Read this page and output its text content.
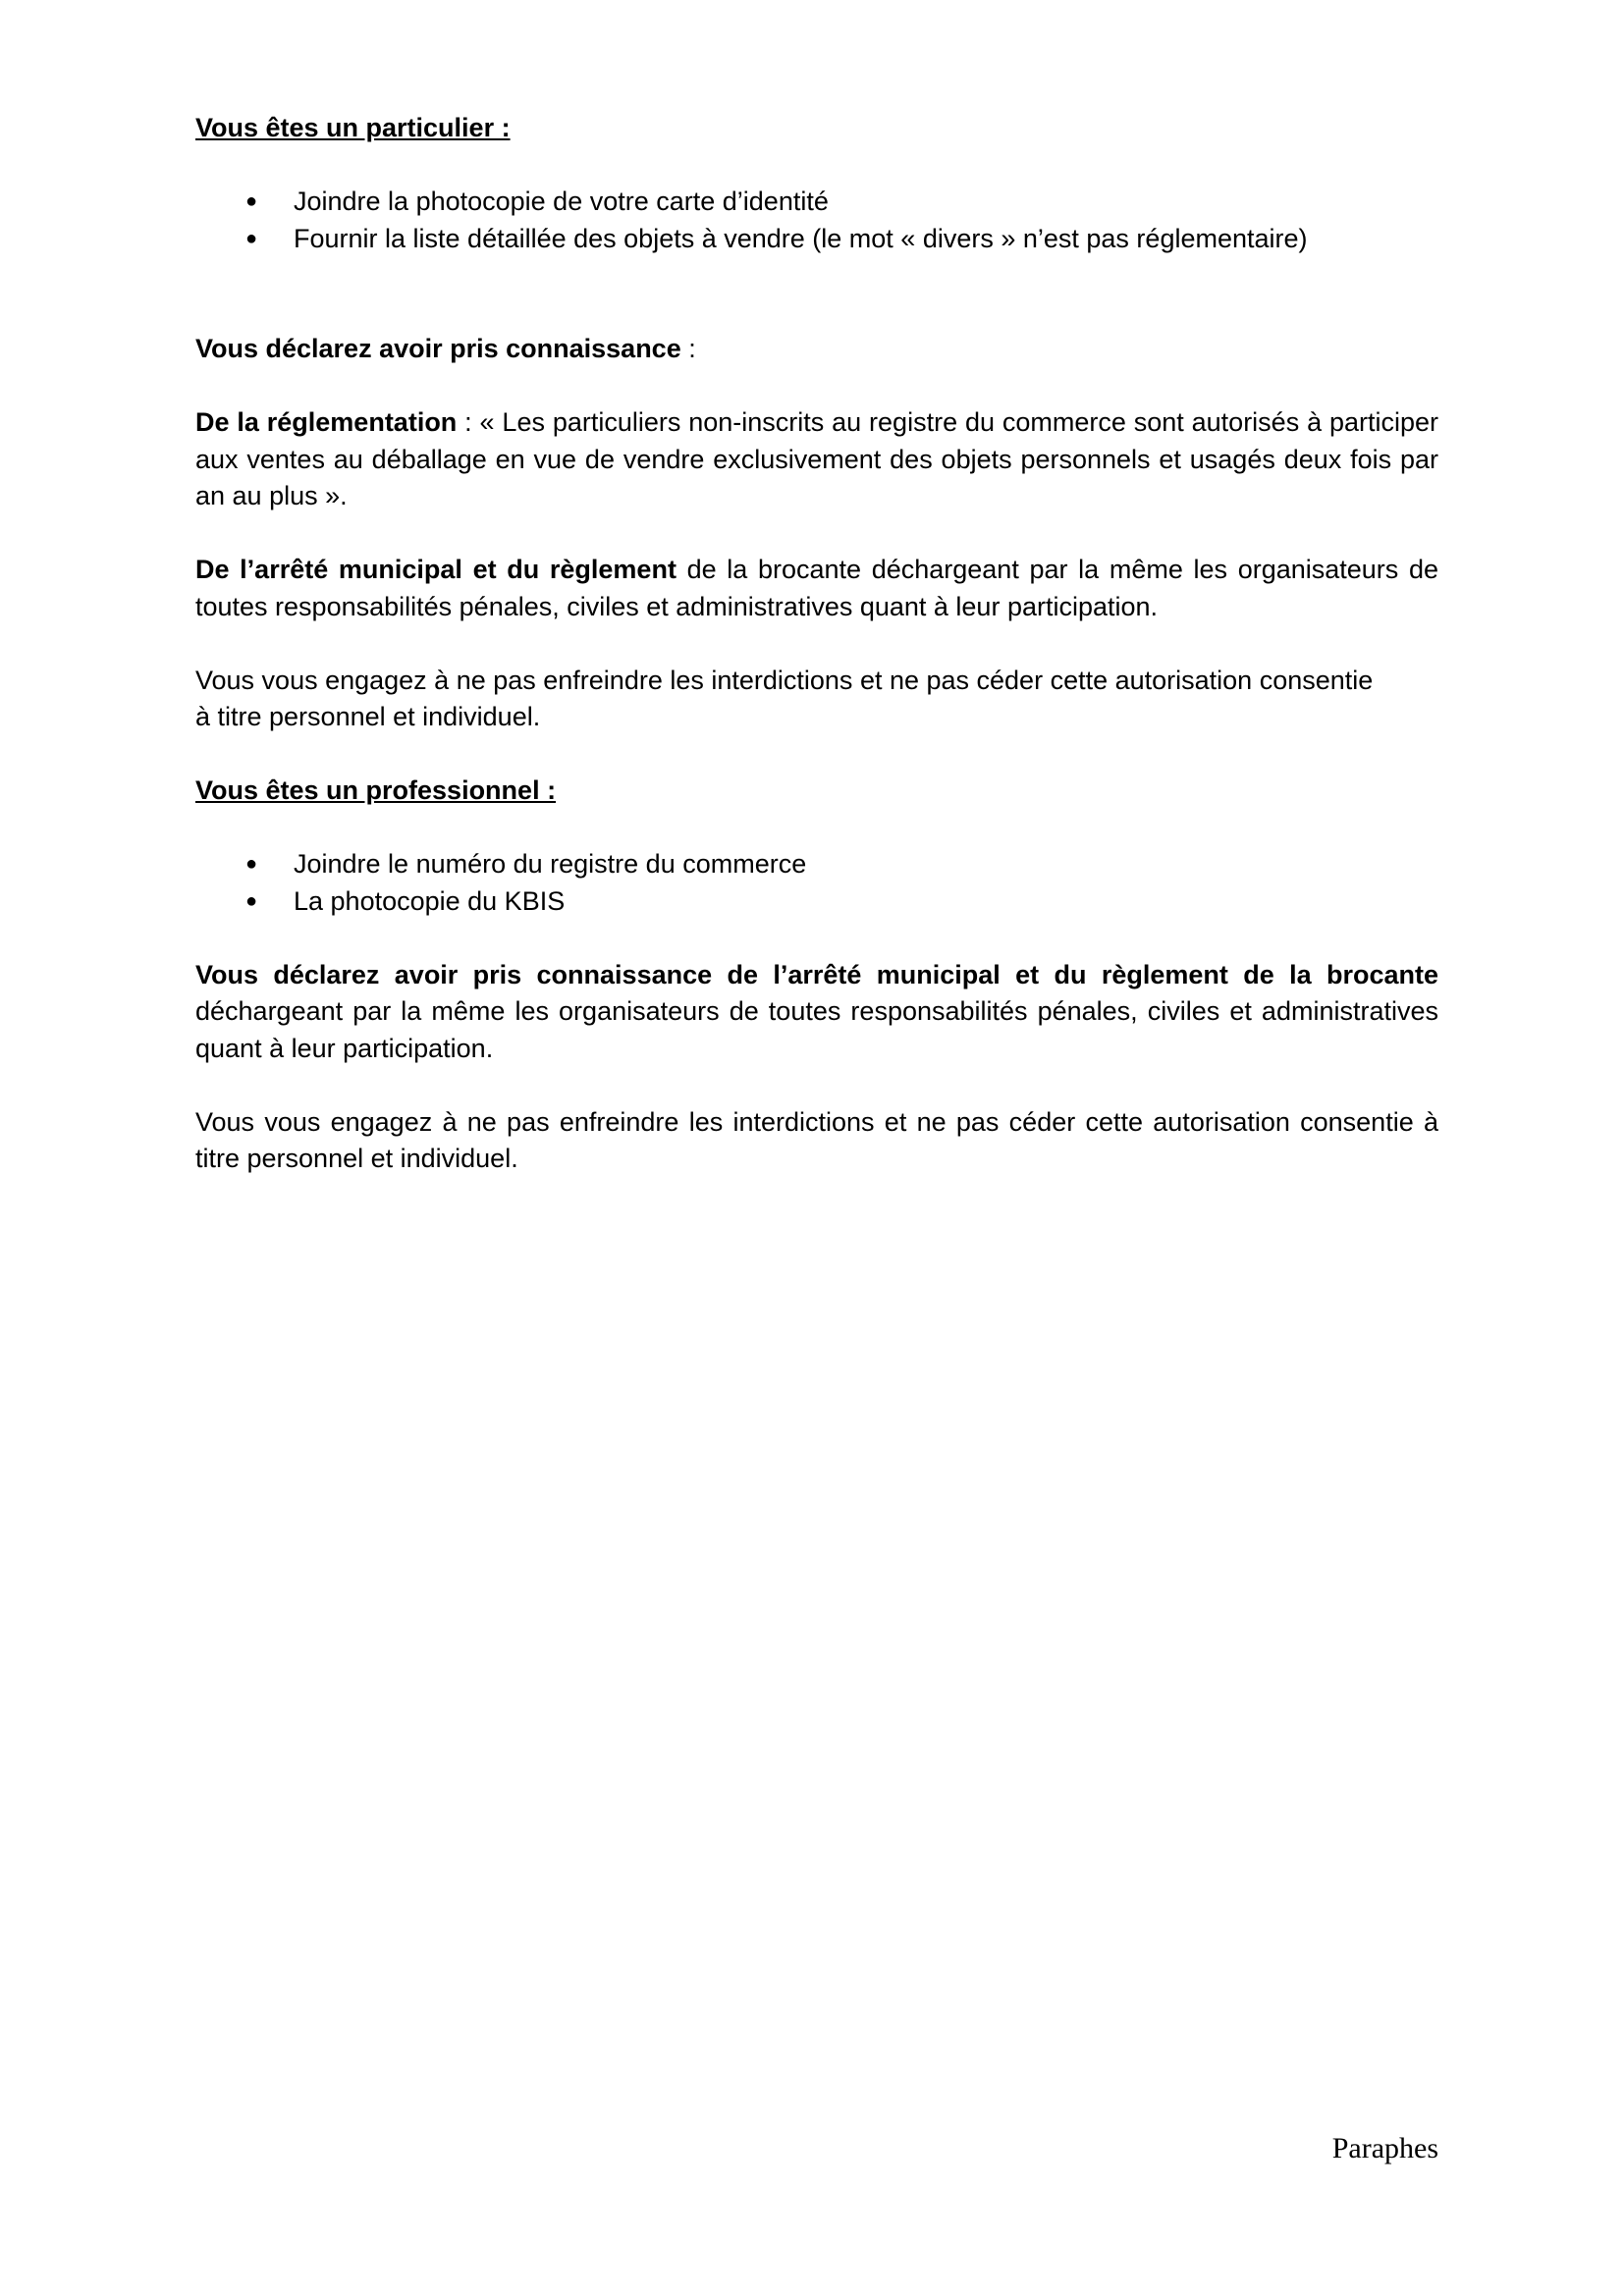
Vous êtes un particulier :

● Joindre la photocopie de votre carte d’identité
● Fournir la liste détaillée des objets à vendre (le mot « divers » n’est pas réglementaire)

Vous déclarez avoir pris connaissance :

De la réglementation : « Les particuliers non-inscrits au registre du commerce sont autorisés à participer aux ventes au déballage en vue de vendre exclusivement des objets personnels et usagés deux fois par an au plus ».

De l’arrêté municipal et du règlement de la brocante déchargeant par la même les organisateurs de toutes responsabilités pénales, civiles et administratives quant à leur participation.

Vous vous engagez à ne pas enfreindre les interdictions et ne pas céder cette autorisation consentie
à titre personnel et individuel.

Vous êtes un professionnel :

● Joindre le numéro du registre du commerce
● La photocopie du KBIS

Vous déclarez avoir pris connaissance de l’arrêté municipal et du règlement de la brocante déchargeant par la même les organisateurs de toutes responsabilités pénales, civiles et administratives quant à leur participation.

Vous vous engagez à ne pas enfreindre les interdictions et ne pas céder cette autorisation consentie à titre personnel et individuel.

Paraphes
